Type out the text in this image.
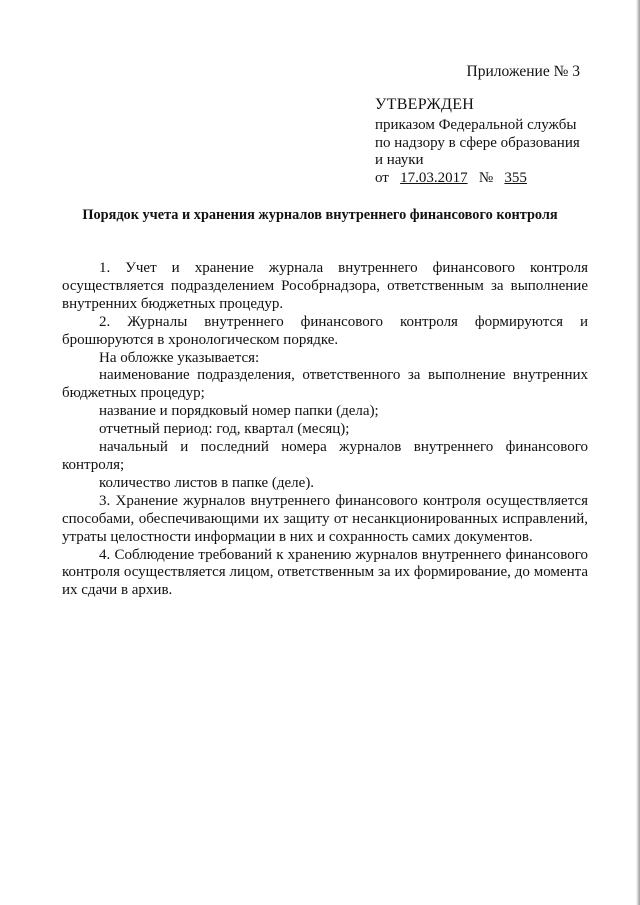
Приложение № 3

УТВЕРЖДЕН

приказом Федеральной службы

по надзору в сфере образования

и науки

от 17.03.2017 № 355

Порядок учета и хранения журналов внутреннего финансового контроля

1. Учет и хранение журнала внутреннего финансового контроля осуществляется подразделением Рособрнадзора, ответственным за выполнение внутренних бюджетных процедур.

2. Журналы внутреннего финансового контроля формируются и брошюруются в хронологическом порядке.

На обложке указывается:

наименование подразделения, ответственного за выполнение внутренних бюджетных процедур;

название и порядковый номер папки (дела);

отчетный период: год, квартал (месяц);

начальный и последний номера журналов внутреннего финансового контроля;

количество листов в папке (деле).

3. Хранение журналов внутреннего финансового контроля осуществляется способами, обеспечивающими их защиту от несанкционированных исправлений, утраты целостности информации в них и сохранность самих документов.

4. Соблюдение требований к хранению журналов внутреннего финансового контроля осуществляется лицом, ответственным за их формирование, до момента их сдачи в архив.
